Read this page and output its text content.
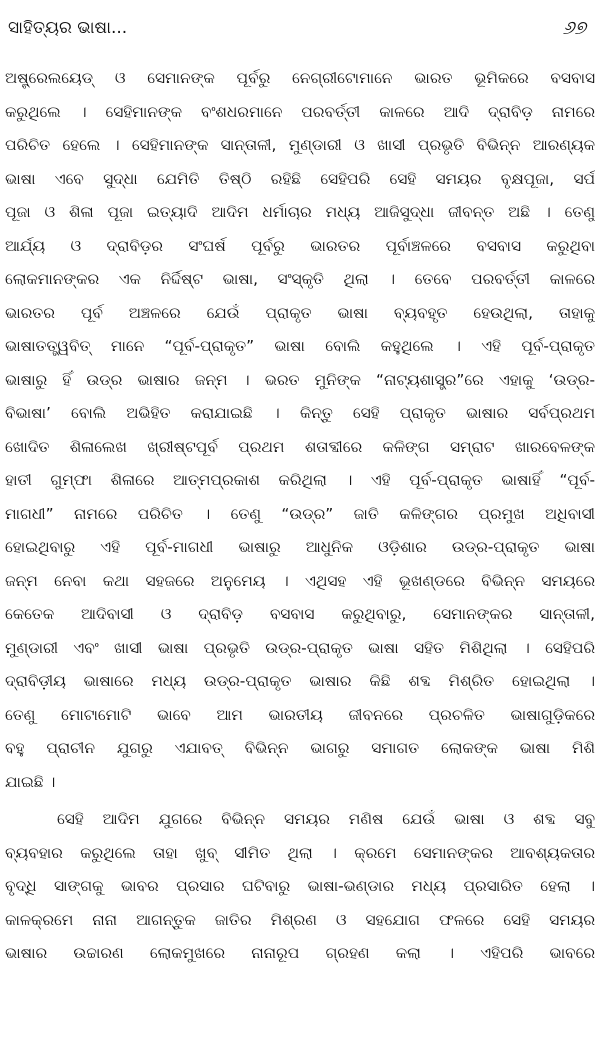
ସାହିତ୍ୟର ଭାଷା...	୬୭
ଅଷ୍ଟ୍ରେଲୟେଡ୍ ଓ ସେମାନଙ୍କ ପୂର୍ବରୁ ନେଗ୍ରୀଟୋମାନେ ଭାରତ ଭୂମିକରେ ବସବାସ
କରୁଥିଲେ । ସେହିମାନଙ୍କ ବଂଶଧରମାନେ ପରବର୍ତ୍ତୀ କାଳରେ ଆଦି ଦ୍ରାବିଡ଼ ନାମରେ
ପରିଚିତ ହେଲେ । ସେହିମାନଙ୍କ ସାନ୍ତାଳୀ, ମୁଣ୍ଡାରୀ ଓ ଖାସୀ ପ୍ରଭୃତି ବିଭିନ୍ନ ଆରଣ୍ୟକ
ଭାଷା ଏବେ ସୁଦ୍ଧା ଯେମିତି ତିଷ୍ଠି ରହିଛି ସେହିପରି ସେହି ସମୟର ବୃକ୍ଷପୂଜା, ସର୍ପ
ପୂଜା ଓ ଶିଳା ପୂଜା ଇତ୍ୟାଦି ଆଦିମ ଧର୍ମାଚାର ମଧ୍ୟ ଆଜିସୁଦ୍ଧା ଜୀବନ୍ତ ଅଛି । ତେଣୁ
ଆର୍ଯ୍ୟ ଓ ଦ୍ରାବିଡ଼ର ସଂଘର୍ଷ ପୂର୍ବରୁ ଭାରତର ପୂର୍ବାଞ୍ଚଳରେ ବସବାସ କରୁଥିବା
ଲୋକମାନଙ୍କର ଏକ ନିର୍ଦ୍ଦିଷ୍ଟ ଭାଷା, ସଂସ୍କୃତି ଥିଲା । ତେବେ ପରବର୍ତ୍ତୀ କାଳରେ
ଭାରତର ପୂର୍ବ ଅଞ୍ଚଳରେ ଯେଉଁ ପ୍ରାକୃତ ଭାଷା ବ୍ୟବହୃତ ହେଉଥିଲା, ତାହାକୁ
ଭାଷାତତ୍ତ୍ୱବିତ୍ ମାନେ “ପୂର୍ବ-ପ୍ରାକୃତ” ଭାଷା ବୋଲି କହୁଥିଲେ । ଏହି ପୂର୍ବ-ପ୍ରାକୃତ
ଭାଷାରୁ ହିଁ ଉଡ୍ର ଭାଷାର ଜନ୍ମ । ଭରତ ମୁନିଙ୍କ “ନାଟ୍ୟଶାସ୍ତ୍ର”ରେ ଏହାକୁ ‘ଉଡ୍ର-
ବିଭାଷା’ ବୋଲି ଅଭିହିତ କରାଯାଇଛି । କିନ୍ତୁ ସେହି ପ୍ରାକୃତ ଭାଷାର ସର୍ବପ୍ରଥମ
ଖୋଦିତ ଶିଳାଲେଖ ଖ୍ରୀଷ୍ଟପୂର୍ବ ପ୍ରଥମ ଶତାବ୍ଦୀରେ କଳିଙ୍ଗ ସମ୍ରାଟ ଖାରବେଳଙ୍କ
ହାତୀ ଗୁମ୍ଫା ଶିଳାରେ ଆତ୍ମପ୍ରକାଶ କରିଥିଲା । ଏହି ପୂର୍ବ-ପ୍ରାକୃତ ଭାଷାହିଁ “ପୂର୍ବ-
ମାଗଧୀ” ନାମରେ ପରିଚିତ । ତେଣୁ “ଉଡ୍ର” ଜାତି କଳିଙ୍ଗର ପ୍ରମୁଖ ଅଧିବାସୀ
ହୋଇଥିବାରୁ ଏହି ପୂର୍ବ-ମାଗଧୀ ଭାଷାରୁ ଆଧୁନିକ ଓଡ଼ିଶାର ଉଡ୍ର-ପ୍ରାକୃତ ଭାଷା
ଜନ୍ମ ନେବା କଥା ସହଜରେ ଅନୁମେୟ । ଏଥିସହ ଏହି ଭୂଖଣ୍ଡରେ ବିଭିନ୍ନ ସମୟରେ
କେତେକ ଆଦିବାସୀ ଓ ଦ୍ରାବିଡ଼ ବସବାସ କରୁଥିବାରୁ, ସେମାନଙ୍କର ସାନ୍ତାଳୀ,
ମୁଣ୍ଡାରୀ ଏବଂ ଖାସୀ ଭାଷା ପ୍ରଭୃତି ଉଡ୍ର-ପ୍ରାକୃତ ଭାଷା ସହିତ ମିଶିଥିଲା । ସେହିପରି
ଦ୍ରାବିଡ଼ୀୟ ଭାଷାରେ ମଧ୍ୟ ଉଡ୍ର-ପ୍ରାକୃତ ଭାଷାର କିଛି ଶବ୍ଦ ମିଶ୍ରିତ ହୋଇଥିଲା ।
ତେଣୁ ମୋଟାମୋଟି ଭାବେ ଆମ ଭାରତୀୟ ଜୀବନରେ ପ୍ରଚଳିତ ଭାଷାଗୁଡ଼ିକରେ
ବହୁ ପ୍ରାଚୀନ ଯୁଗରୁ ଏଯାବତ୍ ବିଭିନ୍ନ ଭାଗରୁ ସମାଗତ ଲୋକଙ୍କ ଭାଷା ମିଶି
ଯାଇଛି ।
ସେହି ଆଦିମ ଯୁଗରେ ବିଭିନ୍ନ ସମୟର ମଣିଷ ଯେଉଁ ଭାଷା ଓ ଶବ୍ଦ ସବୁ
ବ୍ୟବହାର କରୁଥିଲେ ତାହା ଖୁବ୍ ସୀମିତ ଥିଲା । କ୍ରମେ ସେମାନଙ୍କର ଆବଶ୍ୟକତାର
ବୃଦ୍ଧି ସାଙ୍ଗକୁ ଭାବର ପ୍ରସାର ଘଟିବାରୁ ଭାଷା-ଭଣ୍ଡାର ମଧ୍ୟ ପ୍ରସାରିତ ହେଲା ।
କାଳକ୍ରମେ ନାନା ଆଗନ୍ତୁକ ଜାତିର ମିଶ୍ରଣ ଓ ସହଯୋଗ ଫଳରେ ସେହି ସମୟର
ଭାଷାର ଉଚ୍ଚାରଣ ଲୋକମୁଖରେ ନାନାରୂପ ଗ୍ରହଣ କଲା । ଏହିପରି ଭାବରେ
